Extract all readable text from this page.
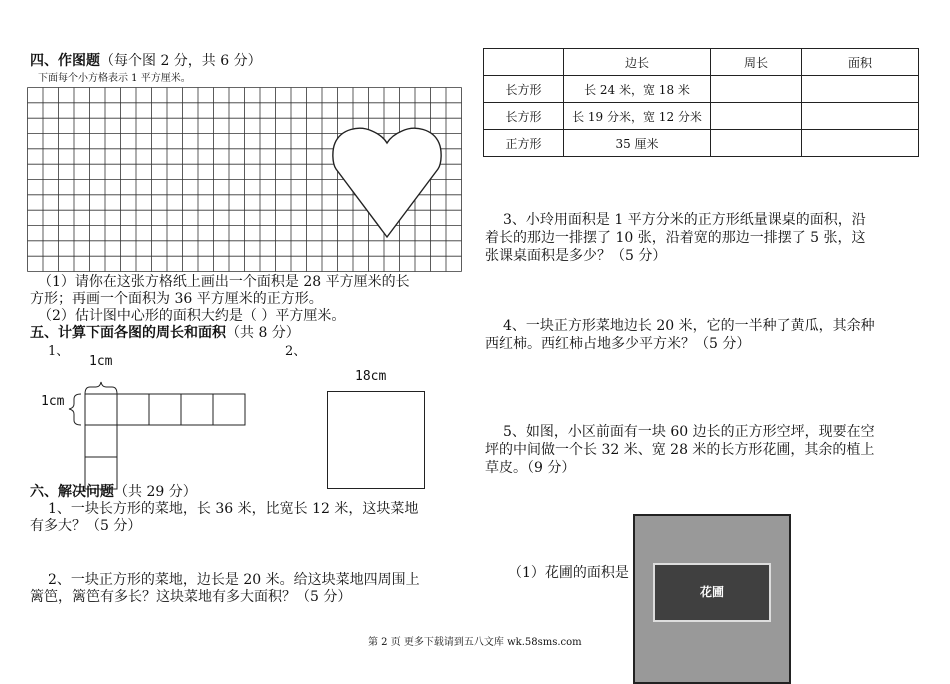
四、作图题（每个图 2 分，共 6 分）
下面每个小方格表示 1 平方厘米。
（1）请你在这张方格纸上画出一个面积是 28 平方厘米的长
方形；再画一个面积为 36 平方厘米的正方形。
（2）估计图中心形的面积大约是（ ）平方厘米。
五、计算下面各图的周长和面积（共 8 分）
1、	2、
1cm
1cm
18cm
六、解决问题（共 29 分）
1、一块长方形的菜地，长 36 米，比宽长 12 米，这块菜地
有多大？（5 分）
2、一块正方形的菜地，边长是 20 米。给这块菜地四周围上
篱笆，篱笆有多长？这块菜地有多大面积？（5 分）
	边长	周长	面积
长方形	长 24 米，宽 18 米		
长方形	长 19 分米，宽 12 分米		
正方形	35 厘米		
3、小玲用面积是 1 平方分米的正方形纸量课桌的面积，沿
着长的那边一排摆了 10 张，沿着宽的那边一排摆了 5 张，这
张课桌面积是多少？（5 分）
4、一块正方形菜地边长 20 米，它的一半种了黄瓜，其余种
西红柿。西红柿占地多少平方米？（5 分）
5、如图，小区前面有一块 60 边长的正方形空坪，现要在空
坪的中间做一个长 32 米、宽 28 米的长方形花圃，其余的植上
草皮。（9 分）
（1）花圃的面积是
花圃
第 2 页 更多下载请到五八文库 wk.58sms.com
